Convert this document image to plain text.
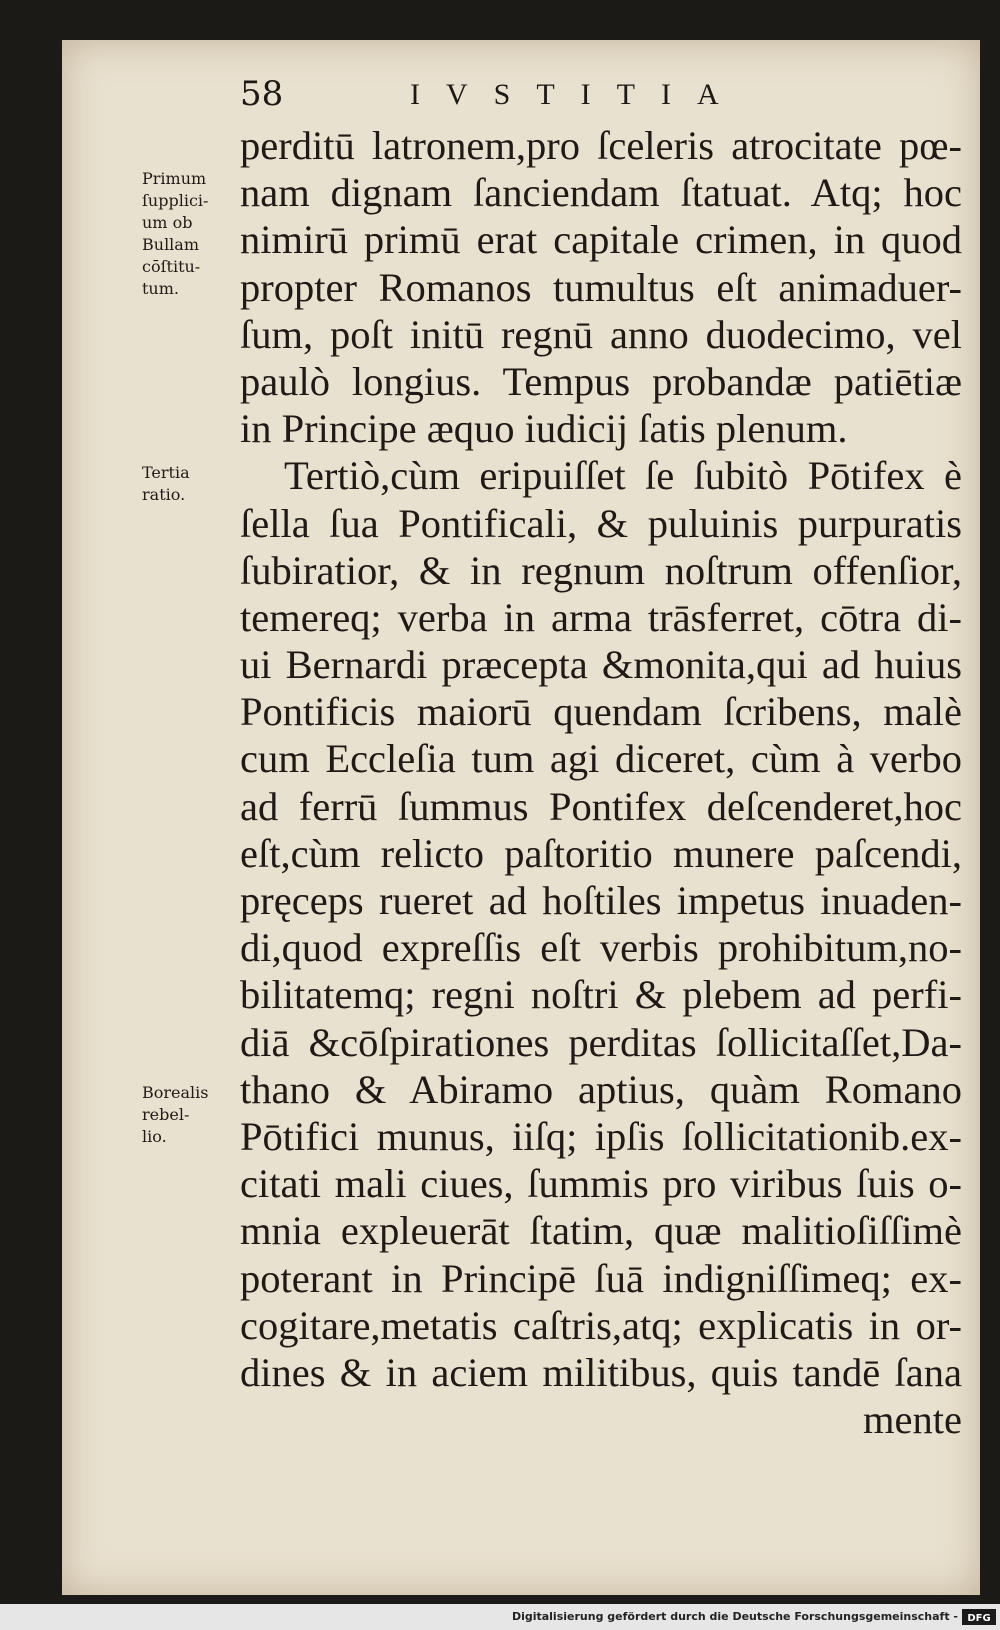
58	IVSTITIA
Primum
ſupplici-
um ob
Bullam
cōſtitu-
tum.
Tertia
ratio.
Borealis
rebel-
lio.
perditū latronem,pro ſceleris atrocitate pœ-
nam dignam ſanciendam ſtatuat. Atq; hoc
nimirū primū erat capitale crimen, in quod
propter Romanos tumultus eſt animaduer-
ſum, poſt initū regnū anno duodecimo, vel
paulò longius. Tempus probandæ patiētiæ
in Principe æquo iudicij ſatis plenum.
Tertiò,cùm eripuiſſet ſe ſubitò Pōtifex è
ſella ſua Pontificali, & puluinis purpuratis
ſubiratior, & in regnum noſtrum offenſior,
temereq; verba in arma trāsferret, cōtra di-
ui Bernardi præcepta &monita,qui ad huius
Pontificis maiorū quendam ſcribens, malè
cum Eccleſia tum agi diceret, cùm à verbo
ad ferrū ſummus Pontifex deſcenderet,hoc
eſt,cùm relicto paſtoritio munere paſcendi,
pręceps rueret ad hoſtiles impetus inuaden-
di,quod expreſſis eſt verbis prohibitum,no-
bilitatemq; regni noſtri & plebem ad perfi-
diā &cōſpirationes perditas ſollicitaſſet,Da-
thano & Abiramo aptius, quàm Romano
Pōtifici munus, iiſq; ipſis ſollicitationib.ex-
citati mali ciues, ſummis pro viribus ſuis o-
mnia expleuerāt ſtatim, quæ malitioſiſſimè
poterant in Principē ſuā indigniſſimeq; ex-
cogitare,metatis caſtris,atq; explicatis in or-
dines & in aciem militibus, quis tandē ſana
mente
Digitalisierung gefördert durch die Deutsche Forschungsgemeinschaft - DFG
